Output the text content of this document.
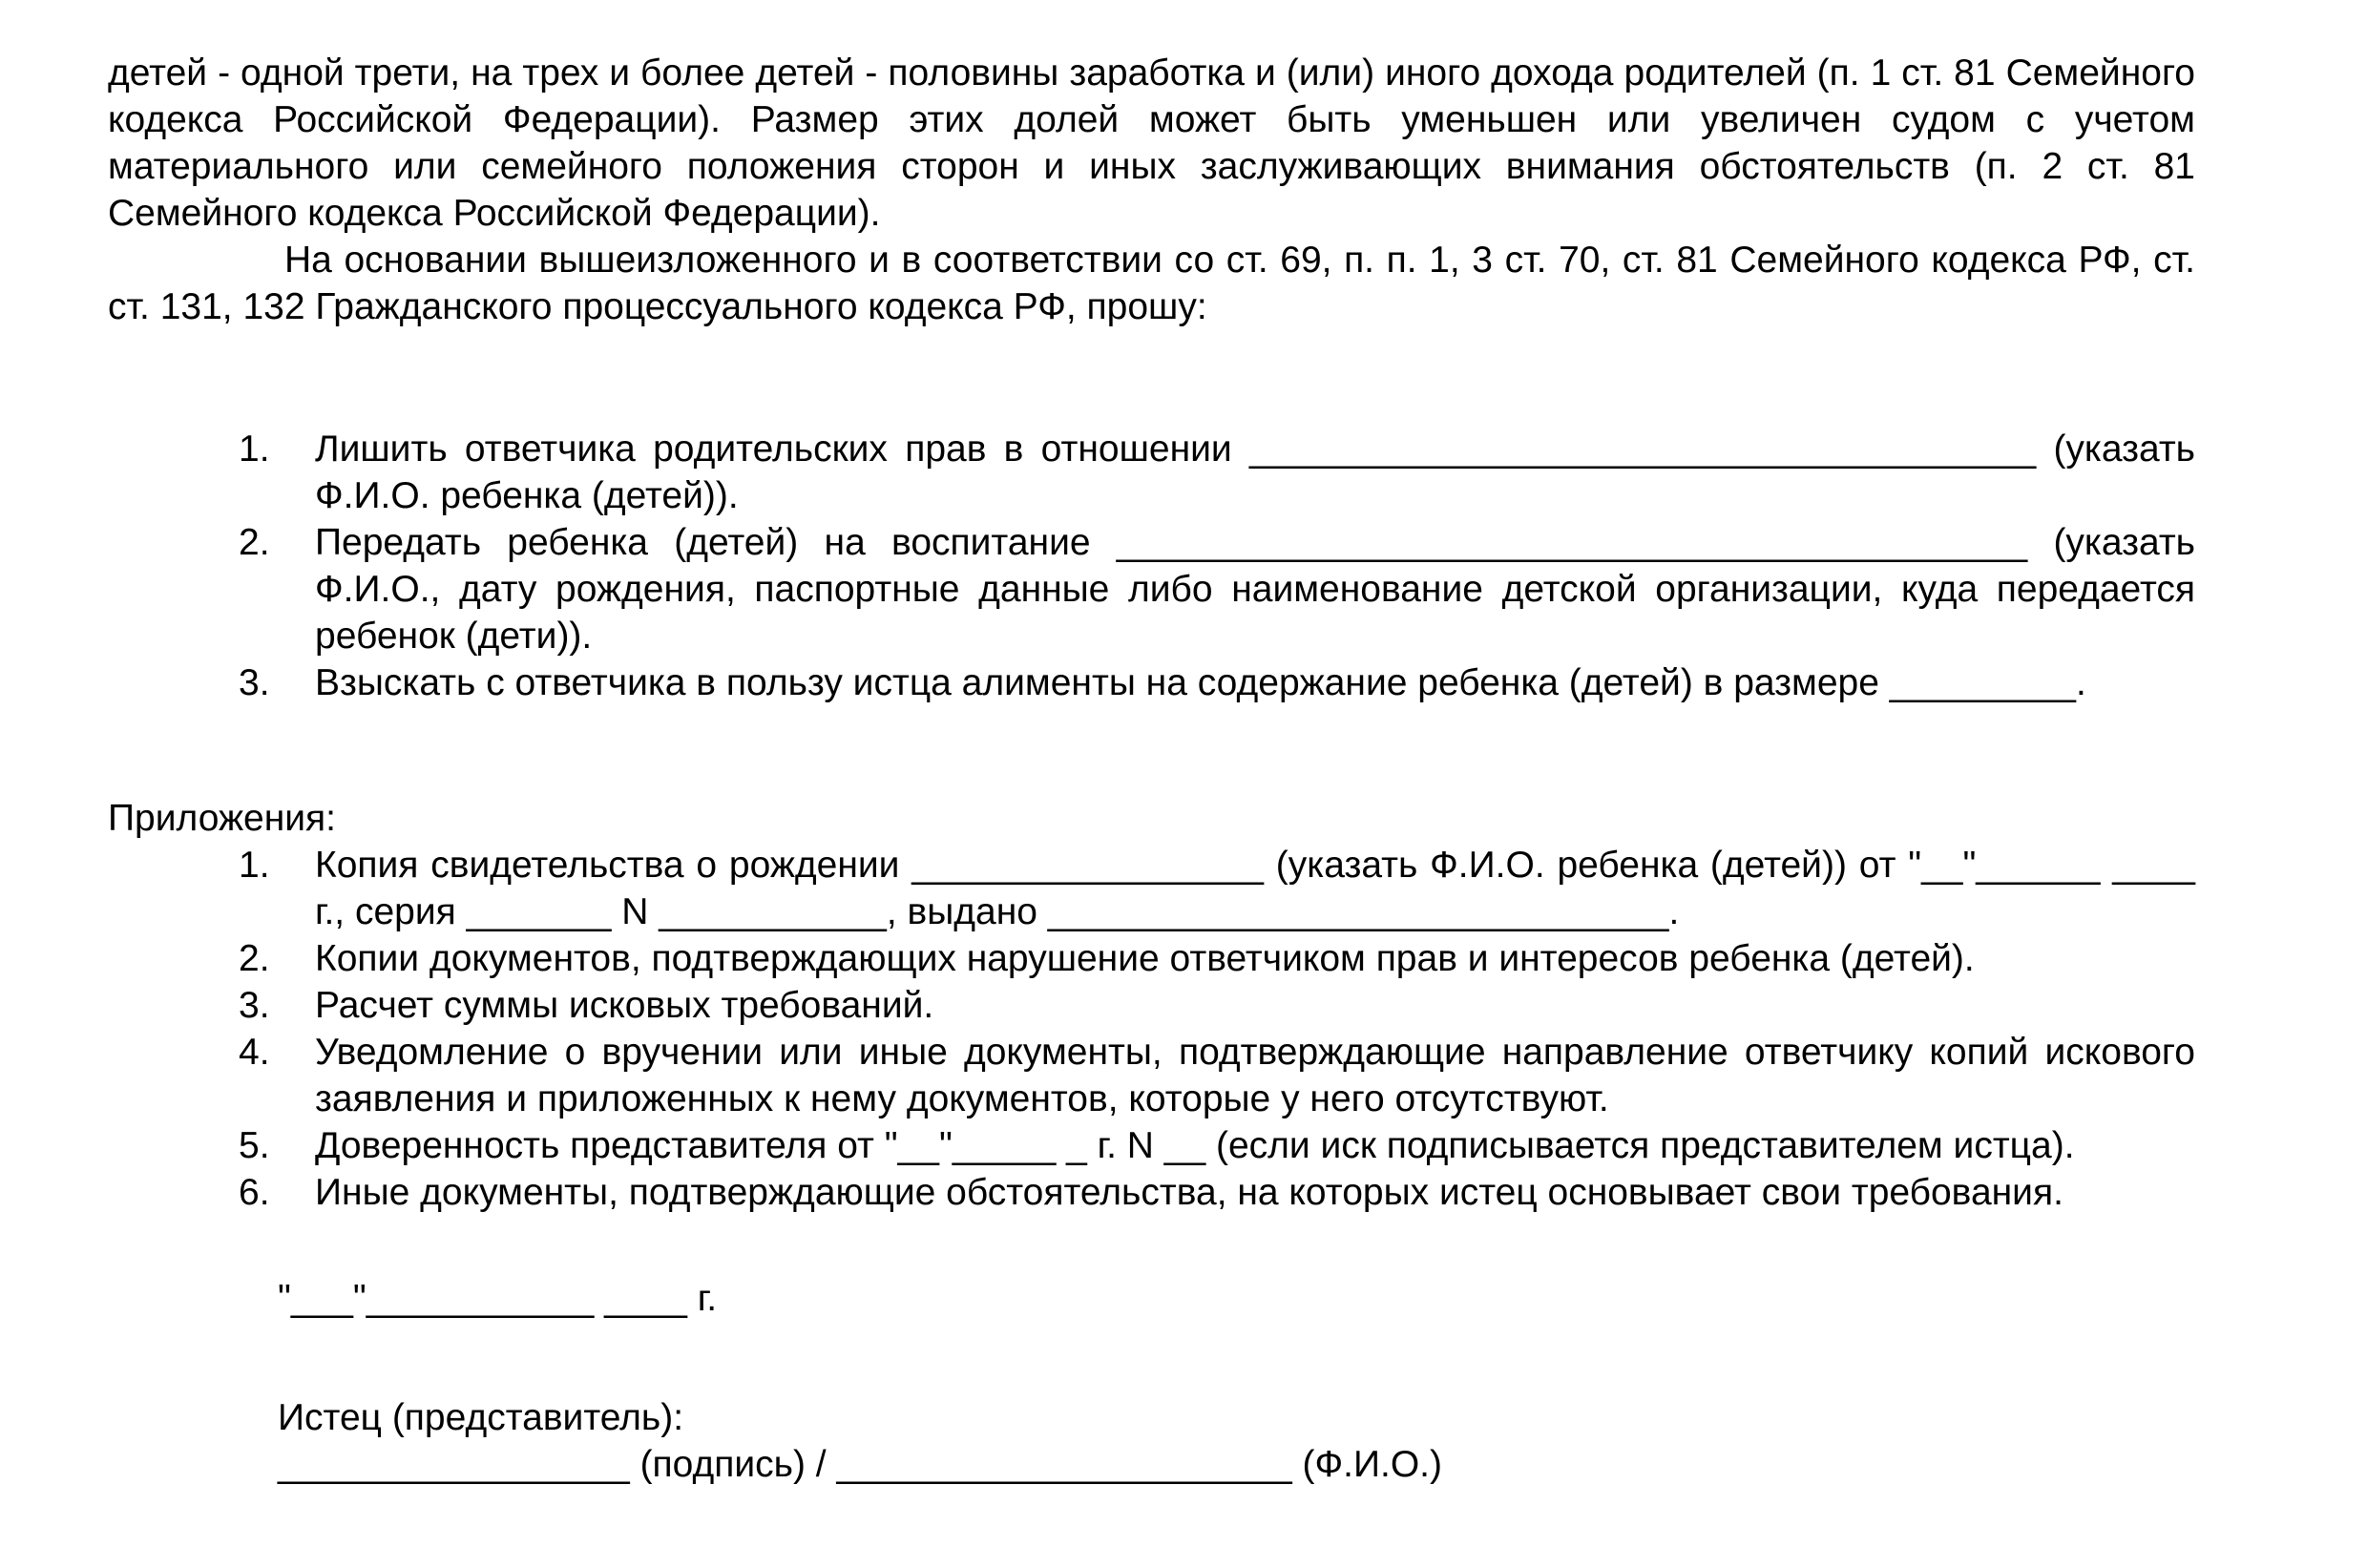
детей - одной трети, на трех и более детей - половины заработка и (или) иного дохода родителей (п. 1 ст. 81 Семейного кодекса Российской Федерации). Размер этих долей может быть уменьшен или увеличен судом с учетом материального или семейного положения сторон и иных заслуживающих внимания обстоятельств (п. 2 ст. 81 Семейного кодекса Российской Федерации).

На основании вышеизложенного и в соответствии со ст. 69, п. п. 1, 3 ст. 70, ст. 81 Семейного кодекса РФ, ст. ст. 131, 132 Гражданского процессуального кодекса РФ, прошу:

1.	Лишить ответчика родительских прав в отношении ______________________________________ (указать Ф.И.О. ребенка (детей)).
2.	Передать ребенка (детей) на воспитание ____________________________________________ (указать Ф.И.О., дату рождения, паспортные данные либо наименование детской организации, куда передается ребенок (дети)).
3.	Взыскать с ответчика в пользу истца алименты на содержание ребенка (детей) в размере _________.

Приложения:

1.	Копия свидетельства о рождении _________________ (указать Ф.И.О. ребенка (детей)) от "__"______ ____ г., серия _______ N ___________, выдано ______________________________.
2.	Копии документов, подтверждающих нарушение ответчиком прав и интересов ребенка (детей).
3.	Расчет суммы исковых требований.
4.	Уведомление о вручении или иные документы, подтверждающие направление ответчику копий искового заявления и приложенных к нему документов, которые у него отсутствуют.
5.	Доверенность представителя от "__"_____ _ г. N __ (если иск подписывается представителем истца).
6.	Иные документы, подтверждающие обстоятельства, на которых истец основывает свои требования.

"___"___________ ____ г.

Истец (представитель):

_________________ (подпись) / ______________________ (Ф.И.О.)
